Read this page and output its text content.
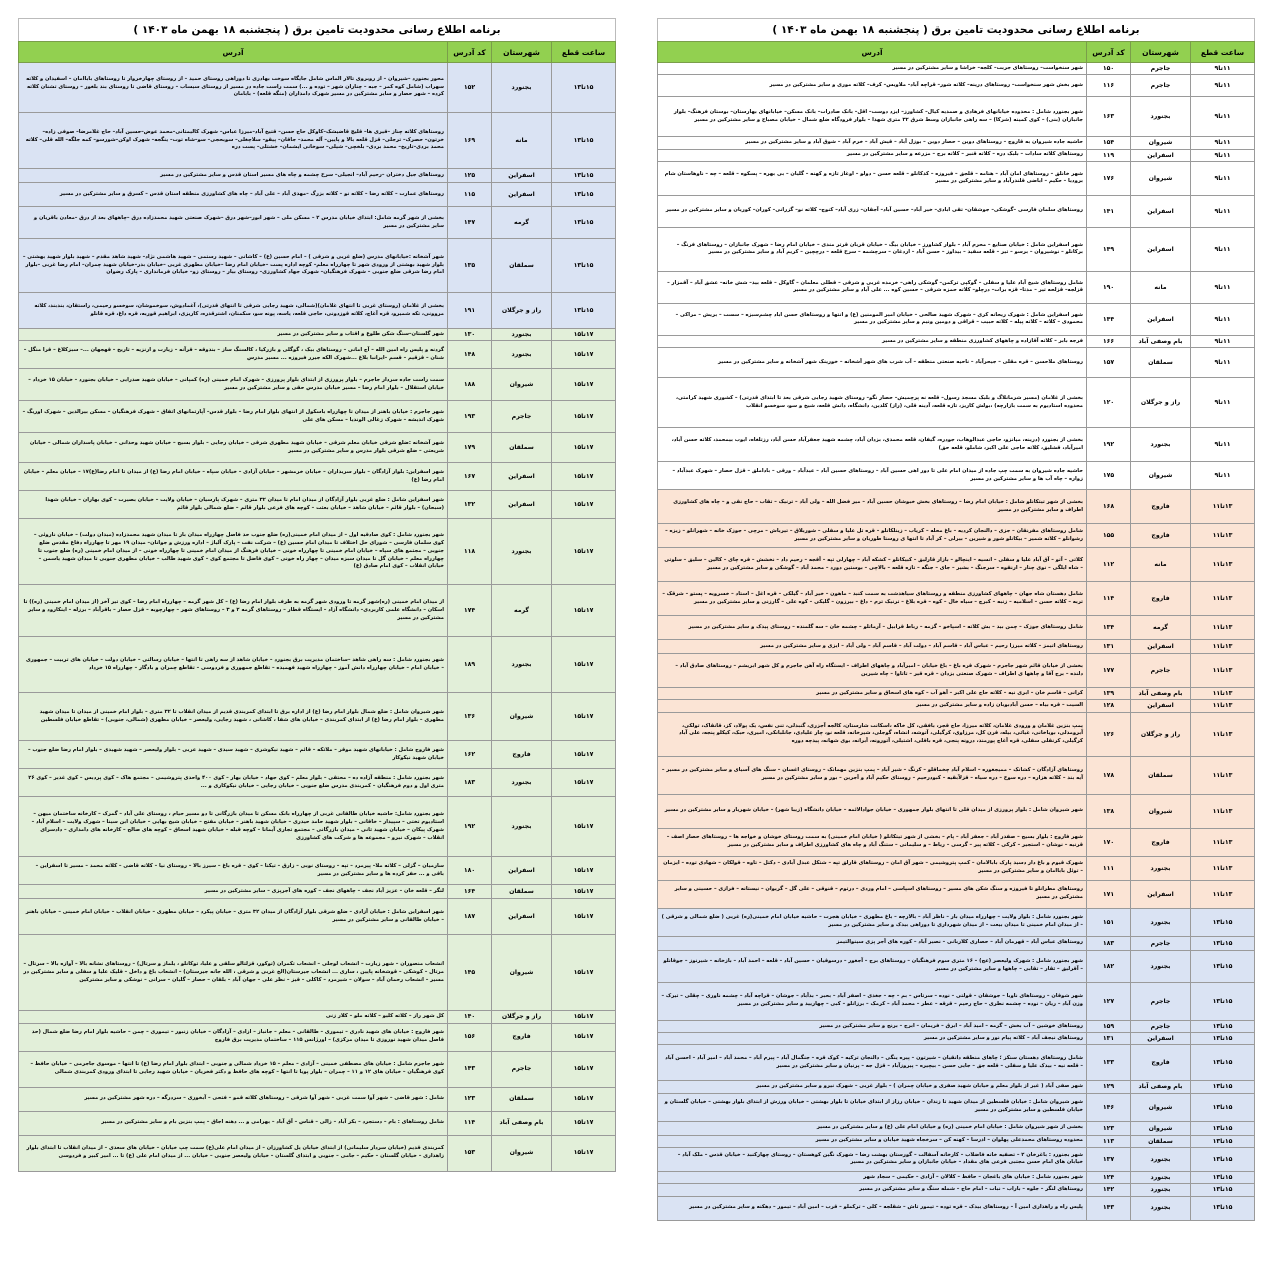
برنامه اطلاع رسانی محدودیت تامین برق ( پنجشنبه ۱۸ بهمن ماه ۱۴۰۳ )
ساعت قطع	شهرستان	کد آدرس	آدرس
۱۱تا۹	جاجرم	۱۵۰	شهر سنخواست– روستاهای جربت– کلجه– خراشا و سایر مشترکین در مسیر
۱۱تا۹	جاجرم	۱۱۶	شهر بخش شهر سنخواست– روستاهای درینه– کلاته شور– قراچه آباد– ملاویس– کرف– کلاته موری و سایر مشترکین در مسیر
۱۱تا۹	بجنورد	۱۶۳	شهر بجنورد شامل : محدوده خیابانهای فرهادی و صمدیه کیال– کشاورز– ایزد دوست– اقل– بانک صادرات– بانک مسکن– خیابانهای بهارستان– بوستان فرهنگ– بلوار جانبازان (بنی) – کوی کمینه (شرکا) – سه راهی جانبازان وسط شرق ۳۲ متری شهدا – بلوار فرودگاه ضلع شمال – خیابان مصباح و سایر مشترکین در مسیر
۱۱تا۹	شیروان	۱۵۴	حاشیه جاده شیروان به قاروچ – روستاهای دوین – حصار دوین – بوزل آباد – قیش آباد – خرم آباد – شوق آباد و سایر مشترکین در مسیر
۱۱تا۹	اسفراین	۱۱۹	روستاهای کلاته سادات – بلبک دره – کلاته قنبر – کلاته برج – مزرعه و سایر مشترکین در مسیر
۱۱تا۹	شیروان	۱۷۶	شهر خانلق – روستاهای امان آباد – هنامه – قلجق – فیروزه – کدکانلو – قلعه حسن – دولو – اوغاز تازه و کهنه – گلیان – بی بهره – پسکوه – قلعه – چه – ناوهاستان شام برودیا – حکیم – اباضی قلندرآباد و سایر مشترکین در مسیر
۱۱تا۹	اسفراین	۱۴۱	روستاهای سلمان فارسی –گوشکی– جوشقان– تقی ابادی– خیر آباد– حسین آباد– آجقان– زری آباد– کنوچ– کلاته نو– گزرانی– کوران– کوریان و سایر مشترکین در مسیر
۱۱تا۹	اسفراین	۱۴۹	شهر اسفراین شامل : خیابان صنایع – محرم آباد – بلوار کشاورز – خیابان بیگ – خیابان قربان قرتر مندی – خیابان امام رضا – شهرک جانبازان – روستاهای فرنگ – برکانلو – نوشیروان – برسو – تیر – قلعه سفید – بیداوز – حسن آباد – اردغان – سرچشمه – سرخ قلعه – درچچین – کریم آباد و سایر مشترکین در مسیر
۱۱تا۹	مانه	۱۹۰	شامل روستاهای شیخ آباد علیا و سفلی – گوکپی ترکمن– گوشکی راهی– خرمده غربی و شرقی – قطلی معلمان – گاوکل – قلعه بید– شش خانه– عشق آباد – آقمزار – قزلجه– قزلحه تیر – مدتا– قزه برات– درچلو– کلاته حمزه شرقی – حسین کوه ... علی آباد و سایر مشترکین در مسیر
۱۱تا۹	اسفراین	۱۴۴	شهر اسفراین شامل : شهرک ریحانه کری – شهرک شهید صالحی – خیابان امیر المومنین (ع) و انتها و روستاهای حسن اباد چشم‌سبزه – سست – بریش – مراکی – محمودی – کلاته – کلاته پیله – کلاته حبیب – قراقی و دومین ونیم و سایر مشترکین در مسیر
۱۱تا۹	بام وصفی آباد	۱۶۶	فرجه بابر – کلاته آقازاده و چاههای کشاورزی منطقه و سایر مشترکین در مسیر
۱۱تا۹	سملقان	۱۵۷	روستاهای ملاحسن – قره مقلی – جیحرآباد – ناحیه صنعتی منطقه – آب شرب های شهر آشخانه – خورینک شهر آشخانه و سایر مشترکین در مسیر
۱۱تا۹	راز و جرگلان	۱۲۰	بخشی از غلامان (مسیر شرمانلاگ و بلبک مسجد رسول– قلعه نه پرچمیش– حصار نگو– روستای شهید رجایی شرقی بعد تا ابتدای قدرتی) – کشوری شهید کرامتی، محدوده استادیوم به سمت بازارچه) ،بولش کاریز، تازه قلعه، آدینه قلی، (راز) کلدین، دانشگاه، دانش قلعه، شیخ و سو، سوخسو انقلاب
۱۱تا۹	بجنورد	۱۹۲	بخشی از بجنورد (درینه، میانزو، حاجی عبدالوهاب، جودره، گیفان، قلعه محمدی، بزدان آباد، چشمه شهید جعفرآباد حسن آباد، رزتلغاه، ایوب بیمحمد، کلاته حسن آباد، امیرآباد، قشلیق، کلاته حاجی علی اکبر، شاملو، قلعه حق)
۱۱تا۹	شیروان	۱۷۵	حاشیه جاده شیروان به سمت چپ جاده از میدان امام علی تا دور اهی حسین آباد – روستاهای حسین آباد – عیدآباد – ورقی – باداملق – قزل حصار – شهرک عبدآباد – زواره – چاه آب ها و سایر مشترکین در مسیر
۱۳تا۱۱	فاروج	۱۶۸	بخشی از شهر تیتکانلو شامل : خیابان امام رضا – روستاهای بخش خبوشان حسین آباد – میر فضل الله – ولی آباد – ترنیک – تقاب – حاج نقی و – چاه های کشاورزی اطراف و سایر مشترکین در مسیر
۱۳تا۱۱	فاروج	۱۵۵	شامل روستاهای مفرنقان – جزی – دالنجان کردیه – باغ محله – کریاب – زینلکانلو – قره تل علیا و سفلی – شوربلاق – تیرباش – مرچی – جوزک خانه – شهرانلو – زیزه – رشوانلو – کلاته شمیر – بیکانلو شور و شیرین – بیرلی – کر آباد تا انتها ی روستا طوریان و سایر مشترکین در مسیر
۱۳تا۱۱	مانه	۱۱۲	کلاتی – آتو – آق آباد علیا و سفلی – انسیه – اینچالو – بازار قارلیق – کبیکانلو – کشکه آباد – چهارلی تپه – آقجه – رحیم داد – نخشش – قره چای – کالین – سلیق – سلوتی – شاه ایلگی – نوی چنار – ارنقوه – سرجنگ – بشیر – جای – جنگه – تازه قلعه – بالاچی – بوستین دورد – محمد آباد – گوشکی و سایر مشترکین در مسیر
۱۳تا۱۱	فاروج	۱۱۴	شامل دهستان شاه جهان – چاههای کشاورزی منطقه و روستاهای سیاهدشت به سمت کنبد – ماهون – خیر آباد – گیلکی – قره اغل – استاد – خسرویه – پستو – شرقک – تربه – کلاته حسن – اسلامیه – زنبه – کبرچ – سیاه خال – کوه – قره بلاغ – ترنیک ترم – داغ – بیرزون – گلیکی – کوه علی – گارزنی و سایر مشترکین در مسیر
۱۳تا۱۱	گرمه	۱۳۴	شامل روستاهای جوزک – چمن بید – بش کلاته – اسپاخو – گزمه – رباط قرابیل – آرماتلو – چشمه خان – سه گلمنده – روستای پیدک و سایر مشترکین در مسیر
۱۳تا۱۱	اسفراین	۱۳۱	روستاهای اتیمز – کلاته میرزا رحیم – عباس آباد – قاسم آباد – دولت آباد – قاسم آباد – ولی آباد – ایزی و سایر مشترکین در مسیر
۱۳تا۱۱	جاجرم	۱۷۷	بخشی از خیابان قائم شهر جاجرم – شهرک قره باغ – باغ خیابان – امیرآباد و چاههای اطراف – ایستگاه راه آهن جاجرم و کل شهر ابریشم – روستاهای صادق آباد – دلنده – برج آقا و چاهها ی اطراف – شهرک صنعتی یزدان – قره قیر – تاتاوا – چاه شیرین
۱۳تا۱۱	بام وصفی آباد	۱۳۹	کرانی – قاسم خان – ابری نیه – کلاته حاج علی اکبر – آهو آب – کوه های اسحاق و سایر مشترکین در مسیر
۱۳تا۱۱	اسفراین	۱۲۸	السیت – قره بیاه – حسن آبادبوبان زاده و سایر مشترکین در مسیر
۱۳تا۱۱	راز و جرگلان	۱۲۶	پمپ بنزین غلامان و ورودی غلامان، کلاته میرزا، حاج قجر، بافقی، کل خاکه ،اسکانت شارستان، کالجه آجزری، گنبدلی، تنی نفس، یک پولاد، کز، قانقاک، تولکی، آبرومدلی، بویاخانی، غیاثی، بیله، قرن کل، مرزاوی، کرگیلی، آتوشه، انشاه، گوجلی، شیرخانه، قلعه نو، چار علیادی، جانلبانکی، امیری، حبک، کیکلو پنجه، علی آباد کرگیلی، کرنقلی سفلی، قره آغاچ پورمند، درونه پنجی، قره باقلی، اشتیلی، آتورونه، آبرانه، بوی شهانه، پیدچه دوره
۱۳تا۱۱	سملقان	۱۷۸	روستاهای آزادگان – کشانک – ممیجغوره – اسلام آباد چخماقلو – کرنگ – شیر آباد – پمپ بنزین مهمانک – روستای اغسان – سنگ های آسیای و سایر مشترکین در مسیر – آیه بند – کلاته هزاره – دره سوخ – دره سیاه – قزلآبقیه – کبودرحیم – روستای حکیم آباد و آجرین – بور و سایر مشترکین در مسیر
۱۳تا۱۱	شیروان	۱۳۸	شهر شیروان شامل : بلوار پرورزی از میدان قلی تا انتهای بلوار جمهوری – خیابان جوادالائمه – خیابان دانشگاه (زیبا شهر) – خیابان شهریار و سایر مشترکین در مسیر
۱۳تا۱۱	فاروج	۱۷۰	شهر فاروج : بلوار بسیج – صفدر آباد – جعفر آباد – پام – بخشی از شهر تیتکانلو ( خیابان امام خمینی) به سمت روستای خوشان و خواجه ها – روستاهای حصار اصف – قرنیه – نوشان – استجیر – کرکی – کلاته پیر – گرسی – ریاط – و سلیمانی – ستنگ آباد و چاه های کشاورزی اطراف و سایر مشترکین در مسیر
۱۳تا۱۱	بجنورد	۱۱۱	شهرک قیوم و باغ دار دسید پارک بابالامان – کمپ پتروشیمی – شهر آق امان – روستاهای قارلق تپه – شتکل عبدل آبادی – دکتل – تاوه – قولکان – شهادی توده – ایزمان – توئل باباامان و سایر مشترکین در مسیر
۱۳تا۱۱	اسفراین	۱۷۱	روستاهای مطرانلو تا فیروزه و سنگ شکن های مسیر – روستاهای اسپاسی – امام وردی – درتوم – قنوقی – علی گل – گریوان – نیستانه – فرازی – حسینی و سایر مشترکین در مسیر
۱۵تا۱۳	بجنورد	۱۵۱	شهر بجنورد شامل : بلوار ولایت – چهارراه میدان بار – ناظر آباد – بالارچه – باغ مطهری – خیابان هجرت – حاشیه خیابان امام خمینی(ره) غربی ( ضلع شمالی و شرقی ) – از میدان امام خمینی تا میدان بیعت – از میدان شهرداری تا دوراهی بیدک و سایر مشترکین در مسیر
۱۵تا۱۳	جاجرم	۱۸۳	روستاهای عباس آباد – قهرمان آباد – حصاری کلاربانی – نصیر آباد – کوره های آجر پزی سینوالتیمز
۱۵تا۱۳	بجنورد	۱۸۲	شهر بجنورد شامل : شهرک ولیعصر (عج) – ۱۶ متری سوم فرهنگیان – روستاهای برج – آجغور – درسوقیان – حسین آباد – قلعه – احمد آباد – بازخانه – شیرنوز – جوقانلو – آقرلیق – ثقار – تقابی – چاهها و سایر مشترکین در مسیر
۱۵تا۱۳	جاجرم	۱۲۷	شهر شوقان – روستاهای ناوبا – جوشقان – قولتی – نوده – سرتاس – بم – چه – جغدی – اصفر آباد – بحبر – بدآباد – جوشان – قراچه آباد – چشمه ناوری – چقلی – تیرک – وزن آباد – ریان – نوده – چشمه نطری – حاج رحیم – قرقه – عطر – محمد آباد – کرمک – برزانلو – کبی – چهاریید و سایر مشترکین در مسیر
۱۵تا۱۳	جاجرم	۱۵۹	روستاهای خوشین – آب بخش – گرمه – امید آباد – ابرق – فریمان – ابرج – برنج و سایر مشترکین در مسیر
۱۵تا۱۳	اسفراین	۱۳۱	روستاهای نیجف آباد – کلاته پیام نور و سایر مشترکین در مسیر
۱۵تا۱۳	فاروج	۱۳۳	شامل روستاهای دهستان سنکز ؛ چاهای منطقه دانقیان – شیرتون – پیره ینگی – دالنجان ترکیه – کوک قره – جنگمال آباد – پیرم آباد – محمد آباد – امیر آباد – احسن آباد – قلعه نیه – بیدک علیا و سفلی – قلعه جق – جایی حسن – بیچیره – پیروزآباد – قزل جه – پرنیان و سایر مشترکین در مسیر
۱۵تا۱۳	بام وصفی آباد	۱۲۹	شهر صفی آباد ( غیر از بلوار معلم و خیابان شهید صفری و خیابان چمران ) – بلوار غربی – شهرک نیرو و سایر مشترکین در مسیر
۱۵تا۱۳	شیروان	۱۴۶	شهر شیروان شامل : خیابان فلسطین از میدان شهید تا زندان – خیابان رزاز از ابتدای خیابان تا بلوار بهشتی – خیابان ورزش از ابتدای بلوار بهشتی – خیابان گلستان و خیابان فلسطین و سایر مشترکین در مسیر
۱۵تا۱۳	شیروان	۱۲۳	بخشی از شهر شیروان شامل : خیابان امام خمینی (ره) و خیابان امام علی (ع) و سایر مشترکین در مسیر
۱۵تا۱۳	سملقان	۱۱۳	محدوده روستاهای محمدعلی پهلوان – اذرسا – کهنه کن – سرخجاه شهید خیابان و سایر مشترکین در مسیر
۱۵تا۱۳	بجنورد	۱۳۷	شهر بجنورد : باغرخان ۲ – تصفیه خانه فاضلاب – کارخانه آسفالت – گورستان بهشت رضا – شهرک نگین کوهستان – روستای چهارکنبد – خیابان قدس – ملک آباد – خیابان های امام حسن مجتبی فرعی های مقداد – خیابان جانبازان و سایر مشترکین در مسیر
۱۵تا۱۳	بجنورد	۱۲۴	شهر بجنورد شامل : خیابان های باغجان – حافظ – کلالان – آزادی – حکیمی – سجاد شهر
۱۵تا۱۳	بجنورد	۱۴۲	روستاهای لنگر – جلوه – باراب – نبات – امام حاج – شمله سنگ و سایر مشترکین در مسیر
۱۵تا۱۳	بجنورد	۱۴۳	پلیس راه و راهداری امین آ – روستاهای بیدک – قره توده – تیمور تاش – شقلجه – کلی – ترکملو – قرب – امین آباد – تیمور – دهکنه و سایر مشترکین در مسیر
برنامه اطلاع رسانی محدودیت تامین برق ( پنجشنبه ۱۸ بهمن ماه ۱۴۰۳ )
ساعت قطع	شهرستان	کد آدرس	آدرس
۱۵تا۱۳	بجنورد	۱۵۲	محور بجنورد –شیروان – از روبروی تالار الماس شامل جایگاه سوخت بهادری تا دوراهی روستای حمید – از روستای چهارخروار تا روستاهای باباامان – اسفیدان و کلاته سهراب (شامل کوه کمر – جبه – چناران شهر – توده و ...) سمت راست جاده در مسیر از روستای سیساب – روستای قاضی تا روستای بند بلغور – روستای تشنان کلاته کرده – شهر حصار و سایر مشترکین در مسیر شهرک دامداران (منگه قلعه) – بابامان
۱۵تا۱۳	مانه	۱۶۹	روستاهای کلاته چناز –قیری ها– قلیچ قاضیشک–کاوکل حاج حسن– قتیخ آباد–میرزا عباس– شهرک کالیمتانی–محمد عوض–حسین آباد– حاج غلامرضا– صوفی زاده– خرتون– حصرک– ترجلی– قزل قلعه بالا و پایین– آله محمد– جاقان– پیقو– سلاچغلی– سوبحجی– سو–شاه توت– ینگجه– شهرک اوکن–شورسو– کمه جلگه– الله قلی– کلاته محمد بردی–تاریخ– محمد بردی– بلخچی– شیلی– سوخانی ایشمان– خشتلی– پست دره
۱۵تا۱۳	اسفراین	۱۲۵	روستاهای جیل دختران –رحیم آباد– انجیلی– سرخ چشمه و چاه های مسیر استان قدس و سایر مشترکین در مسیر
۱۵تا۱۳	اسفراین	۱۱۵	روستاهای عمارت – کلاته رضا – کلاته نو – کلاته بزرگ –مهدی آباد – علی آباد – چاه های کشاورزی منطقه استان قدس – کسرق و سایر مشترکین در مسیر
۱۵تا۱۳	گرمه	۱۴۷	بخشی از شهر گرمه شامل: ابتدای خیابان مدرس ۲ – مسکن ملی – شهر ابور–شهر درق –شهرک صنعتی شهید محمدزاده درق –چاههای بعد از درق –معادن باقریان و سایر مشترکین در مسیر
۱۵تا۱۳	سملقان	۱۳۵	شهر آشخانه :خیابانهای مدرس (ضلع غربی و شرقی ) – امام حسین (ع) – کاشانی – شهید رستمی – شهید هاشمی نژاد– شهید شاهد مقدم – شهید بلوار شهید بهشتی –بلوار شهید بهشتی از ورودی شهر تا چهارراه معلم– کوچه اداره پست –خیابان امام رضا –خیابان مطهری غربی –خیابان بدر–خیابان شهید چمران– امام رضا غربی –بلوار امام رضا شرقی ضلع جنوبی – شهرک فرهنگیان– شهرک جهاد کشاورزی– روستای بیار – روستای زو– خیابان فرمانداری – پارک رضوان
۱۵تا۱۳	راز و جرگلان	۱۹۱	بخشی از غلامان (روستای غربی تا انتهای غلامان)(شمالی، شهید رجایی شرقی تا انتهای قدرتی)، آغمادوش، سوخموشان، سوخسو رحیمی، راستقان، بندبند، کلاته مروونی، تکه شمیرو، قره آغاچ، کلاته قوزدونی، حاجی قلعه، یاسه، پونه سو، سکمنان، اشترقدره، کاریزی، ابراهیم قوربه، قره داغ، قره قانلو
۱۷تا۱۵	بجنورد	۱۳۰	شهر گلستان–سنگ شکن طلوع و اقتاب و سایر مشترکین در مسیر
۱۷تا۱۵	بجنورد	۱۴۸	گردنه و پلیس راه امین الله – آج امانی – روستاهای بیک ، گوگلی و بازرکیا ، کالسنگ ساز – بندوقه – قرآنه – زیارت و ارنزیه – تاریخ – قهجهان ...– سبزکلاغ – قرا منگل – شنان – قزقیم – قسم –ایرانبا بلاغ ...شهرک الکه جیرر فیروزه ... مسیر مدرس
۱۷تا۱۵	شیروان	۱۸۸	سمت راست جاده سردار جاجرم – بلوار پرورزی از ابتدای بلوار پرورزی – شهرک امام خمینی (ره) کمپانی – خیابان شهید صدرایی – خیابان بجنورد – خیابان ۱۵ خرداد – خیابان استقلال – بلوار امام رضا – مسیر خیابان مدرس حقی و سایر مشترکین در مسیر
۱۷تا۱۵	جاجرم	۱۹۳	شهر جاجرم : خیابان باهنر از میدان تا چهارراه باسکول از انتهای بلوار امام رضا – بلوار قدس– آپارتمانهای اتفاق – شهرک فرهنگیان – مسکن بیرالدین – شهرک اوریگ – شهرک اندیشه – شهرک زغالی الوندیا – مسکن های علی
۱۷تا۱۵	سملقان	۱۷۹	شهر آشخانه :ضلع شرقی خیابان معلم شرقی – خیابان شهید مطهری شرقی – خیابان رجایی – بلوار بسیج – خیابان شهید وحدانی – خیابان پاسداران شمالی – خیابان شریعتی – ضلع شرقی بلوار مدرس و سایر مشترکین در مسیر
۱۷تا۱۵	اسفراین	۱۶۷	شهر اسفراین: بلوار آزادگان – بلوار سربداران – خیابان خرمشهر – خیابان آزادی – خیابان سپاه – خیابان امام رضا (ع) از میدان تا امام رضا(ع)۱۷ – خیابان معلم – خیابان امام رضا (ع)
۱۷تا۱۵	اسفراین	۱۳۲	شهر اسفراین شامل : ضلع غربی بلوار آزادگان از میدان امام تا میدان ۳۲ متری – شهرک پارسیان – خیابان ولایت – خیابان بصیرت – کوی بهاران – خیابان شهدا (سبحان) – بلوار قائم – خیابان شاهد – خیابان بعثت – کوچه های فرعی بلوار قائم – ضلع شمالی بلوار قائم
۱۷تا۱۵	بجنورد	۱۱۸	شهر بجنورد شامل : کوی صادقیه اول – از میدان امام خمینی(ره) ضلع جنوب حد فاصل چهارراه میدان بار تا میدان شهید محمدزاده (میدان دولت) – خیابان ناروئی – کوی سلمان فارسی – شورای حل اختلاف تا میدان امام حسین (ع) – شرکت نفت – پارک آلیاژ – اداره ورزش و جوانان– میدان ۱۹ مهر تا چهارراه دفاع مقدس ضلع جنوبی – مجتمع های سپاه – خیابان امام خمینی تا چهارراه خونی – خیابان فرهنگ از میدان امام خمینی تا چهارراه خونی – از میدان امام خمینی (ره) ضلع جنوب تا چهارراه معلم – خیابان گل تا میدان سبزه میدان – چهار راه خونی – کوی فاضل تا مجتمع کوی – کوی شهید طالب – خیابان مطهری جنوبی تا میدان شهید یاسمن – خیابان انقلاب – کوی امام صادق (ع)
۱۷تا۱۵	گرمه	۱۷۴	از میدان امام خمینی (ره)شهر گرمه تا ورودی شهر گرمه به طرف بلوار امام رضا (ع) – کل شهر گرمه – چهارراه امام رضا – کوی تیر آخر (از میدان امام خمینی (ره)) تا اسکان – دانشگاه علمی کاربردی– دانشگاه آزاد – ایستگاه قطار – روستاهای گرمه ۲ و ۳ – روستاهای شهر – چهارچوبه – قزل حصار – باقرآباد – برزله – اینکارود و سایر مشترکین در مسیر
۱۷تا۱۵	بجنورد	۱۸۹	شهر بجنورد شامل : سه راهی شاهد –ساختمان مدیریت برق بجنورد – خیابان شاهد از سه راهی تا انتها – خیابان رسالتی – خیابان دولت – خیابان های تربیت – جمهوری – خیابان امام – خیابان چهارراه دانش آموز – چهارراه شهید فهمیده – تقاطع جمهوری و فردوسی – تقاطع چمران و بادگار – چهارراه ۱۵ خرداد
۱۷تا۱۵	شیروان	۱۳۶	شهر شیروان شامل : ضلع شمال بلوار امام رضا (ع) از اداره برق تا ابتدای کمربندی قدیم از میدان انقلاب تا ۳۲ متری – بلوار امام خمینی از میدان تا میدان شهید مطهری – بلوار امام رضا (ع) از ابتدای کمربندی – خیابان های شفا ، کاشانی ، شهید رجایی، ولیعصر – خیابان مطهری (شمالی، جنوبی) – تقاطع خیابان فلسطین
۱۷تا۱۵	فاروج	۱۶۲	شهر فاروج شامل : خیابانهای شهید موقر – ملاتکه – قائم – شهید نیکوشری – شهید سیدی – شهید عربی – بلوار ولیعصر – شهید شهیدی – بلوار امام رضا ضلع جنوب – خیابان شهید نیکوکار
۱۷تا۱۵	بجنورد	۱۸۳	شهر بجنورد شامل : منطقه آزاده ده – محتقی – بلوار معلم – کوی جهاد – خیابان بهار – کوی ۴۰۰ واحدی پتروشیمی – مجتمع هاک – کوی پردیس – کوی غدیر – کوی ۲۶ متری اول و دوم فرهنگیان – کمربندی مدرس ضلع جنوبی – خیابان رجایی – خیابان نیکوکاری و ...
۱۷تا۱۵	بجنورد	۱۹۲	شهر بجنورد شامل: حاشیه خیابان طالقانی غربی از چهارراه بانک مسکن تا میدان بازرگانی تا دو مسیر حیام ، روستای علی آباد – گمرک – کارخانه ساختمان میهن – استادیوم تختی – سپیدار – خاقانی – بلوار شهید حامد حیدری – خیابان شهید باهنر – خیابان مفتح – خیابان شیخ بهایی – خیابان ابن سینا – شهرک ولایت – اسلام آباد – شهرک پیکان – خیابان شهید ثانی – میدان بازرگانی – مجتمع تجاری آیمانا – کوچه قبله – خیابان شهید اسحاق – کوچه های صالح – کارخانه های دامداری – دادسرای انقلاب – شهرک نیرو – مجموعه ها و شرکت های کشاورزی
۱۷تا۱۵	اسفراین	۱۸۰	سارمیان – گزلی – کلاته ملا– پیرمرد – تپه – روستای نوبی – زارق – تیکنا – کوی – قره باغ – سیرز بالا – روستای نیا – کلاته قاضی – کلاته محمد – مسیر تا اسفراین – باقی و ... حفر کرده ها و سایر مشترکین در مسیر
۱۷تا۱۵	سملقان	۱۶۴	لنگر – قلعه خان – عزیز آباد نجف – چاههای نجف – کوره های آجرپزی – سایر مشترکین در مسیر
۱۷تا۱۵	اسفراین	۱۸۷	شهر اسفراین شامل : خیابان آزادی – ضلع شرقی بلوار آزادگان از میدان ۳۲ متری – خیابان پیکرد – خیابان مطهری – خیابان انقلاب – خیابان امام خمینی – خیابان باهنر – خیابان طالقانی و سایر مشترکین در مسیر
۱۷تا۱۵	شیروان	۱۴۵	انشعاب منصوران – شهر زیارت – انشعاب لوجلی – انشعاب تکمران (توکور، قزلتالو سلقی و علیا، توکانلو ، یلماز و سرتال) – روستاهای نشانه بالا – آوازه بالا – سرتال – مرتال – کوشکی – قوشخانه پایین ، ساری ... انشعاب جیرستان(الخ غربی و شرقی ، الله جانه جیرستان) – انشعاب باغ و داخل – قلیک علیا و سفلی و سایر مشترکین در مسیر – انشعاب رحمان آباد – سولان – شیرمرد – کاکلی – قیز – نظر علی – جهان آباد – بلقان – حصار – گلیان – سرانی – نوشکی و سایر مشترکین
۱۷تا۱۵	راز و جرگلان	۱۴۰	کل شهر راز – کلاته کلیو – کلاته ملو – کلار زنی
۱۷تا۱۵	فاروج	۱۵۶	شهر فاروج : خیابان های شهید نادری – تیموری – طالقانی – معلم – جانباز – ازادی – آزادگان – خیابان زنبور – تیموری – چمن – حاشیه بلوار امام رضا ضلع شمال (حد فاصل میدان شهید نوروزی تا میدان مرکزی) – اورژانس ۱۱۵ – ساختمان مدیریت برق فاروج
۱۷تا۱۵	جاجرم	۱۴۳	شهر جاجرم شامل : خیابان های مصطفی خمینی – آزادی – معلم – ۱۵ خرداد شمالی و جنوبی – ابتدای بلوار امام رضا (ع) تا انتها – موسوی جاجرمی – خیابان حافظ – کوی فرهنگیان – خیابان های ۱۲ و ۱۱ – چمران – بلوار پویا تا انتها – کوچه های حافظ و دکتر فخریان – خیابان شهید رجایی تا ابتدای ورودی کمربندی شمالی
۱۷تا۱۵	سملقان	۱۲۳	شامل : شهر قاضی – شهر آوا سمت غربی – شهر آوا شرقی – روستاهای کلاته قمو – فتحی – آبخوری – سردرگه – دره شهر مشترکین در مسیر
۱۷تا۱۵	بام وصفی آباد	۱۱۴	شامل روستاهای : بام – دستجرد – بکر آباد – زالی – قناس – آق آباد – بهرامی و ... دهنه اجاق – پمپ بنزین بام و سایر مشترکین در مسیر
۱۷تا۱۵	شیروان	۱۵۳	کمربندی قدیم (خیابان سردار سلیمانی) از ابتدای خیابان یل کشاورزان – از میدان امام علی(ع) سمت چپ خیابان – خیابان های سعدی – از میدان انقلاب تا ابتدای بلوار زاهداری – خیابان گلستان – حکیم – جامی – جنوبی و ابتدای گلستان – خیابان ولیعصر جنوبی – خیابان ... از میدان امام علی (ع) تا ... امیر کبیر و فردوسی
